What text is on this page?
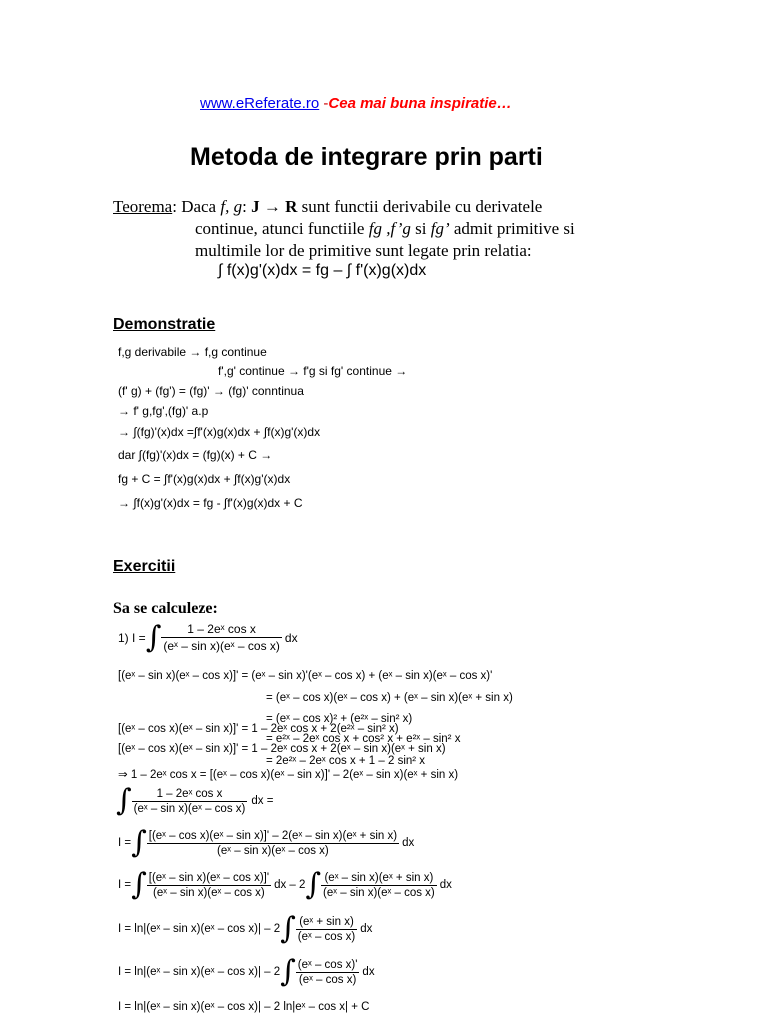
www.eReferate.ro -Cea mai buna inspiratie…
Metoda de integrare prin parti
Teorema: Daca f, g: J → R sunt functii derivabile cu derivatele
continue, atunci functiile fg ,f’g si fg’ admit primitive si
multimile lor de primitive sunt legate prin relatia:
∫ f(x)g'(x)dx = fg – ∫ f'(x)g(x)dx
Demonstratie
f,g derivabile → f,g continue
f',g' continue → f'g si fg' continue →
(f' g) + (fg') = (fg)' → (fg)' conntinua
→ f' g,fg',(fg)' a.p
→ ∫(fg)'(x)dx =∫f'(x)g(x)dx + ∫f(x)g'(x)dx
dar ∫(fg)'(x)dx = (fg)(x) + C →
fg + C = ∫f'(x)g(x)dx + ∫f(x)g'(x)dx
→ ∫f(x)g'(x)dx = fg - ∫f'(x)g(x)dx + C
Exercitii
Sa se calculeze:
1) I = ∫ $\frac{\text{1 – 2eˣ cos x}}{\text{(eˣ – sin x)(eˣ – cos x)}}$ dx
[(eˣ – sin x)(eˣ – cos x)]' = (eˣ – sin x)'(eˣ – cos x) + (eˣ – sin x)(eˣ – cos x)'
= (eˣ – cos x)(eˣ – cos x) + (eˣ – sin x)(eˣ + sin x)
= (eˣ – cos x)² + (e²ˣ – sin² x)
[(eˣ – cos x)(eˣ – sin x)]' = 1 – 2eˣ cos x + 2(e²ˣ – sin² x)
= e²ˣ – 2eˣ cos x + cos² x + e²ˣ – sin² x
[(eˣ – cos x)(eˣ – sin x)]' = 1 – 2eˣ cos x + 2(eˣ – sin x)(eˣ + sin x)
= 2e²ˣ – 2eˣ cos x + 1 – 2 sin² x
⇒ 1 – 2eˣ cos x = [(eˣ – cos x)(eˣ – sin x)]' – 2(eˣ – sin x)(eˣ + sin x)
∫ $\frac{\text{1 – 2eˣ cos x}}{\text{(eˣ – sin x)(eˣ – cos x)}}$ dx =
I = ∫ $\frac{\text{[(eˣ – cos x)(eˣ – sin x)]' – 2(eˣ – sin x)(eˣ + sin x)}}{\text{(eˣ – sin x)(eˣ – cos x)}}$ dx
I = ∫ $\frac{\text{[(eˣ – sin x)(eˣ – cos x)]'}}{\text{(eˣ – sin x)(eˣ – cos x)}}$ dx – 2 ∫ $\frac{\text{(eˣ – sin x)(eˣ + sin x)}}{\text{(eˣ – sin x)(eˣ – cos x)}}$ dx
I = ln|(eˣ – sin x)(eˣ – cos x)| – 2 ∫ $\frac{\text{(eˣ + sin x)}}{\text{(eˣ – cos x)}}$ dx
I = ln|(eˣ – sin x)(eˣ – cos x)| – 2 ∫ $\frac{\text{(eˣ – cos x)'}}{\text{(eˣ – cos x)}}$ dx
I = ln|(eˣ – sin x)(eˣ – cos x)| – 2 ln|eˣ – cos x| + C
